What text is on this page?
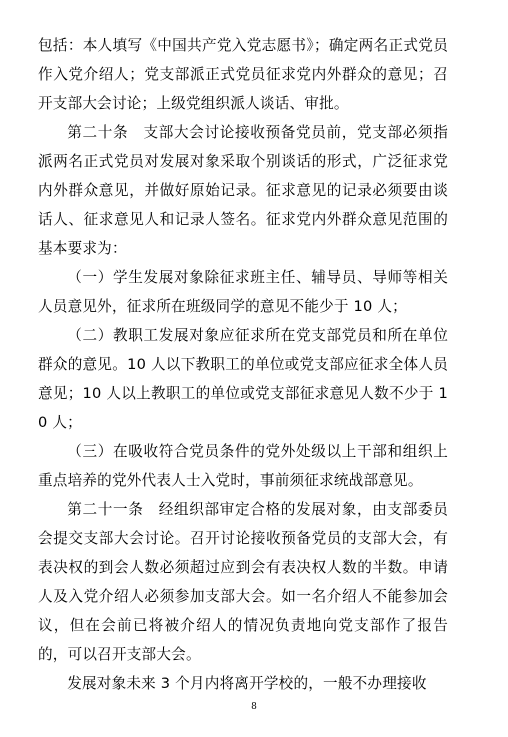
包括：本人填写《中国共产党入党志愿书》；确定两名正式党员作入党介绍人；党支部派正式党员征求党内外群众的意见；召开支部大会讨论；上级党组织派人谈话、审批。

第二十条　支部大会讨论接收预备党员前，党支部必须指派两名正式党员对发展对象采取个别谈话的形式，广泛征求党内外群众意见，并做好原始记录。征求意见的记录必须要由谈话人、征求意见人和记录人签名。征求党内外群众意见范围的基本要求为：

（一）学生发展对象除征求班主任、辅导员、导师等相关人员意见外，征求所在班级同学的意见不能少于 10 人；

（二）教职工发展对象应征求所在党支部党员和所在单位群众的意见。10 人以下教职工的单位或党支部应征求全体人员意见；10 人以上教职工的单位或党支部征求意见人数不少于 10 人；

（三）在吸收符合党员条件的党外处级以上干部和组织上重点培养的党外代表人士入党时，事前须征求统战部意见。

第二十一条　经组织部审定合格的发展对象，由支部委员会提交支部大会讨论。召开讨论接收预备党员的支部大会，有表决权的到会人数必须超过应到会有表决权人数的半数。申请人及入党介绍人必须参加支部大会。如一名介绍人不能参加会议，但在会前已将被介绍人的情况负责地向党支部作了报告的，可以召开支部大会。

发展对象未来 3 个月内将离开学校的，一般不办理接收

8
